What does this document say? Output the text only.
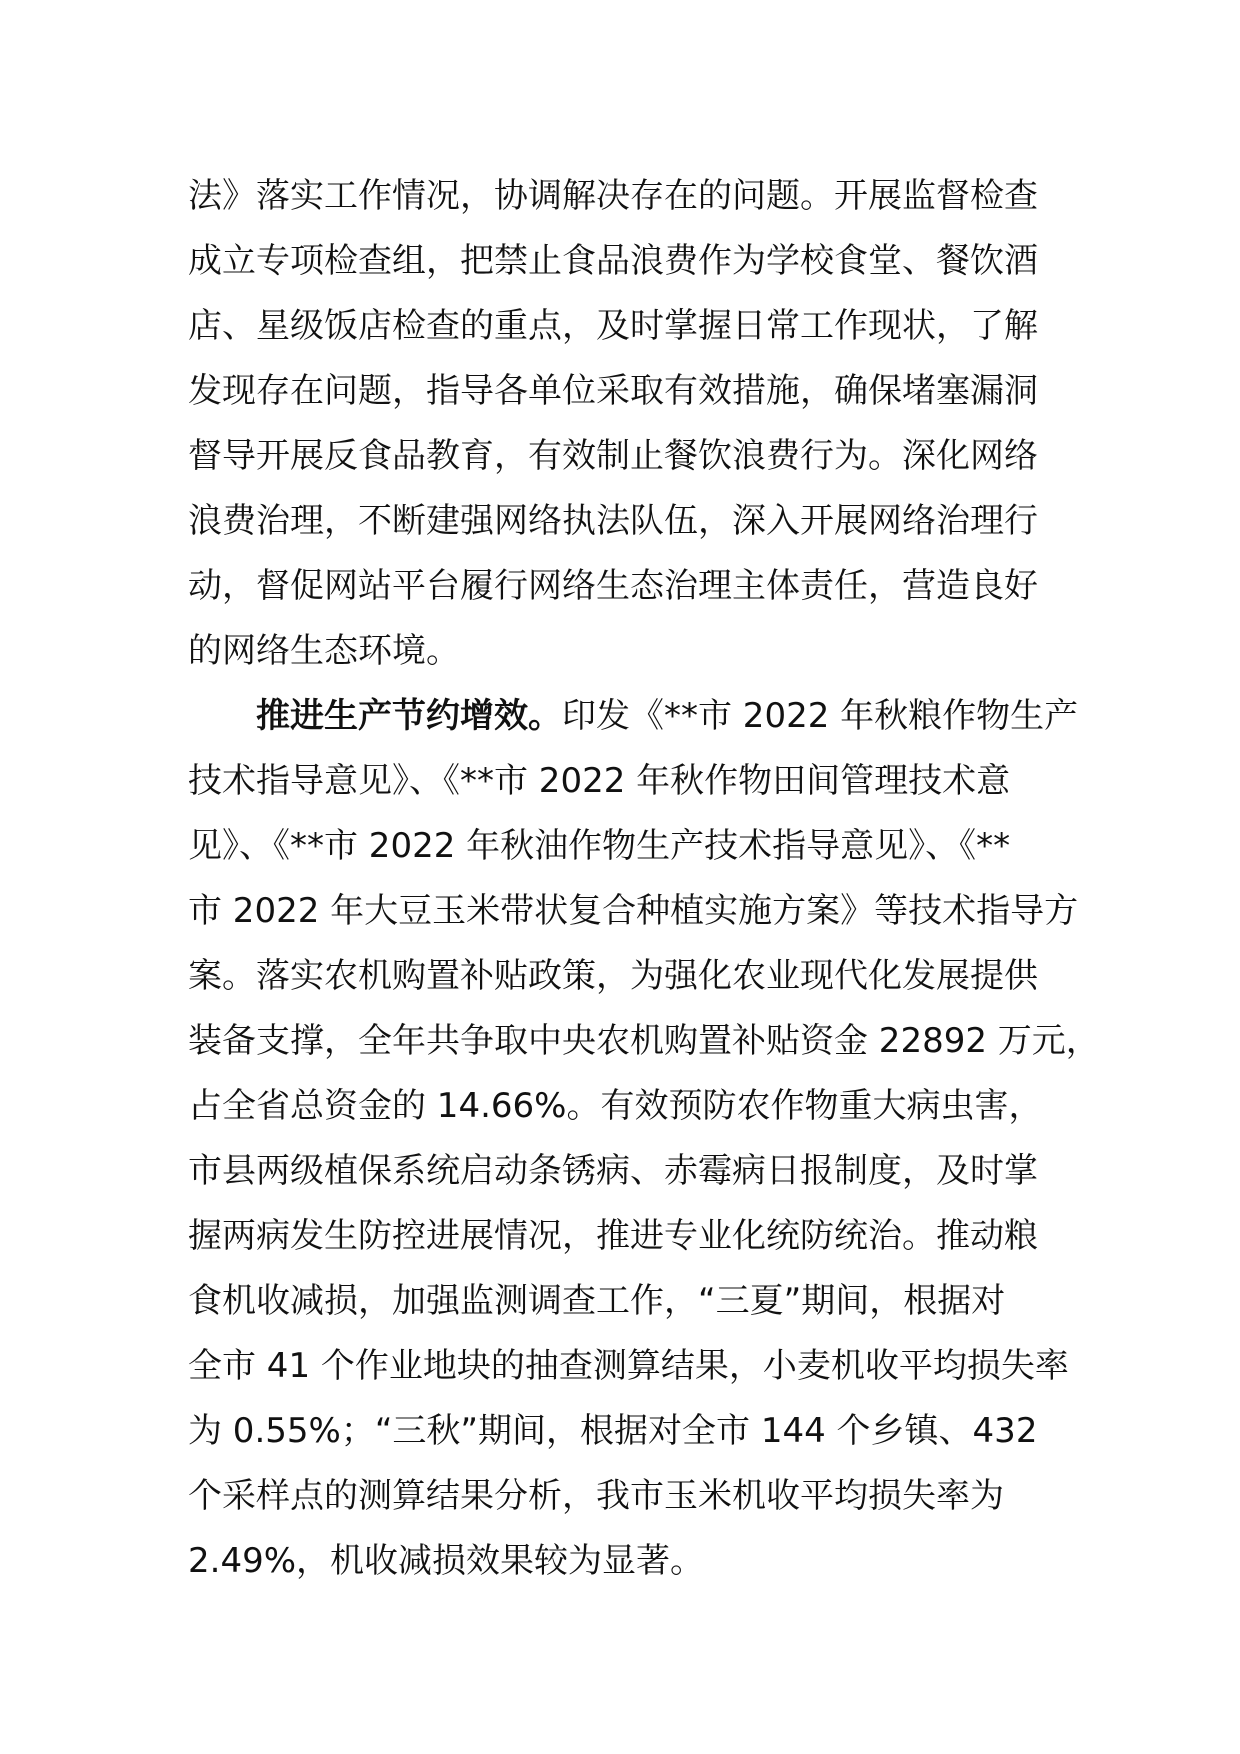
法》落实工作情况，协调解决存在的问题。开展监督检查
成立专项检查组，把禁止食品浪费作为学校食堂、餐饮酒
店、星级饭店检查的重点，及时掌握日常工作现状，了解
发现存在问题，指导各单位采取有效措施，确保堵塞漏洞
督导开展反食品教育，有效制止餐饮浪费行为。深化网络
浪费治理，不断建强网络执法队伍，深入开展网络治理行
动，督促网站平台履行网络生态治理主体责任，营造良好
的网络生态环境。
推进生产节约增效。印发《**市 2022 年秋粮作物生产
技术指导意见》、《**市 2022 年秋作物田间管理技术意
见》、《**市 2022 年秋油作物生产技术指导意见》、《**
市 2022 年大豆玉米带状复合种植实施方案》等技术指导方
案。落实农机购置补贴政策，为强化农业现代化发展提供
装备支撑，全年共争取中央农机购置补贴资金 22892 万元，
占全省总资金的 14.66%。有效预防农作物重大病虫害，
市县两级植保系统启动条锈病、赤霉病日报制度，及时掌
握两病发生防控进展情况，推进专业化统防统治。推动粮
食机收减损，加强监测调查工作，“三夏”期间，根据对
全市 41 个作业地块的抽查测算结果，小麦机收平均损失率
为 0.55%；“三秋”期间，根据对全市 144 个乡镇、432
个采样点的测算结果分析，我市玉米机收平均损失率为
2.49%，机收减损效果较为显著。
